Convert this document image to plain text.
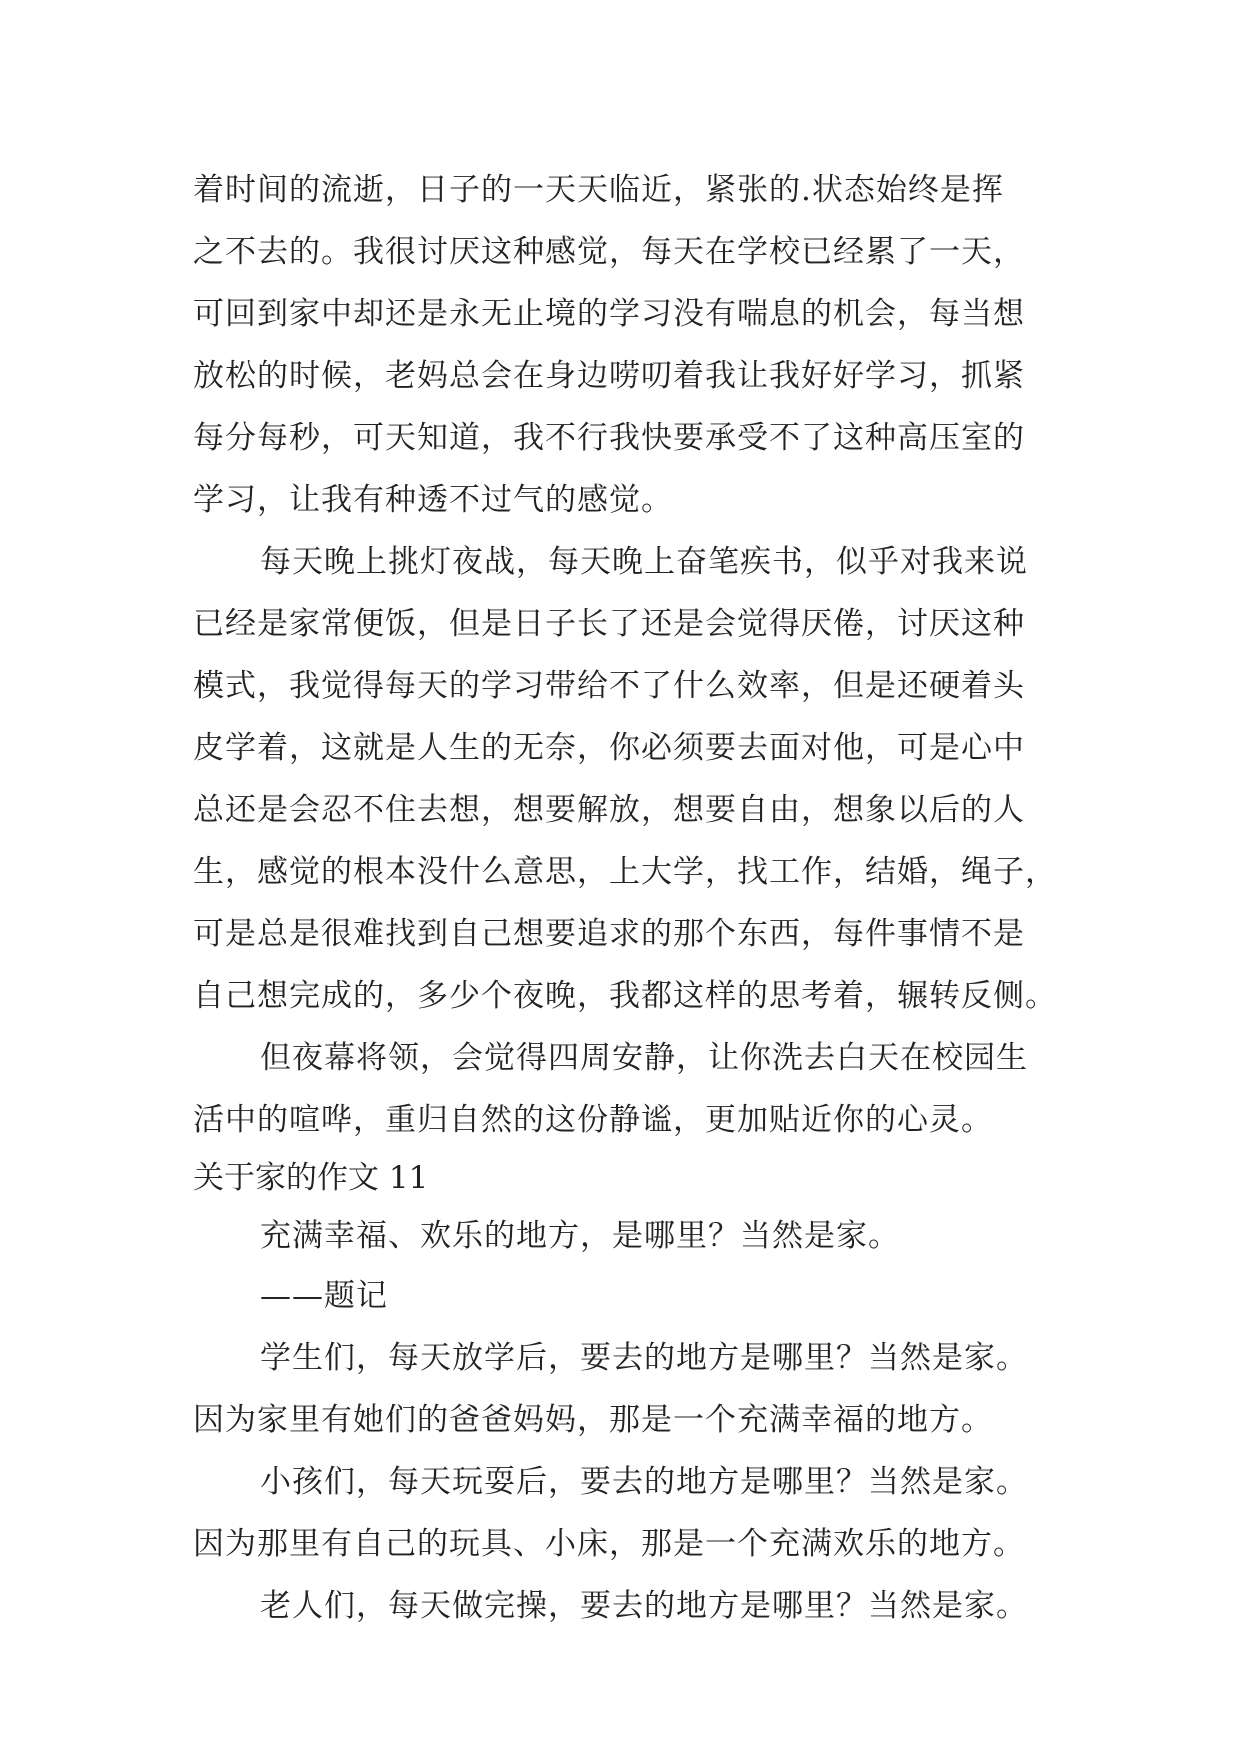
着时间的流逝，日子的一天天临近，紧张的.状态始终是挥
之不去的。我很讨厌这种感觉，每天在学校已经累了一天，
可回到家中却还是永无止境的学习没有喘息的机会，每当想
放松的时候，老妈总会在身边唠叨着我让我好好学习，抓紧
每分每秒，可天知道，我不行我快要承受不了这种高压室的
学习，让我有种透不过气的感觉。
每天晚上挑灯夜战，每天晚上奋笔疾书，似乎对我来说
已经是家常便饭，但是日子长了还是会觉得厌倦，讨厌这种
模式，我觉得每天的学习带给不了什么效率，但是还硬着头
皮学着，这就是人生的无奈，你必须要去面对他，可是心中
总还是会忍不住去想，想要解放，想要自由，想象以后的人
生，感觉的根本没什么意思，上大学，找工作，结婚，绳子，
可是总是很难找到自己想要追求的那个东西，每件事情不是
自己想完成的，多少个夜晚，我都这样的思考着，辗转反侧。
但夜幕将领，会觉得四周安静，让你洗去白天在校园生
活中的喧哗，重归自然的这份静谧，更加贴近你的心灵。
关于家的作文 11
充满幸福、欢乐的地方，是哪里？当然是家。
——题记
学生们，每天放学后，要去的地方是哪里？当然是家。
因为家里有她们的爸爸妈妈，那是一个充满幸福的地方。
小孩们，每天玩耍后，要去的地方是哪里？当然是家。
因为那里有自己的玩具、小床，那是一个充满欢乐的地方。
老人们，每天做完操，要去的地方是哪里？当然是家。
